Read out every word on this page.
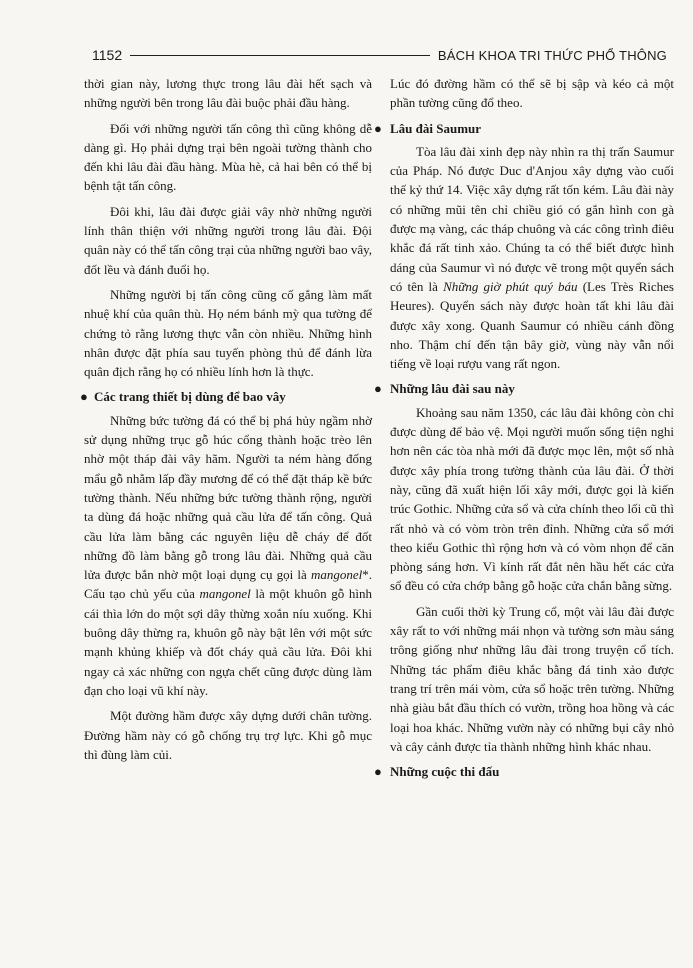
1152	BÁCH KHOA TRI THỨC PHỔ THÔNG

thời gian này, lương thực trong lâu đài hết sạch và những người bên trong lâu đài buộc phải đầu hàng.

Đối với những người tấn công thì cũng không dễ dàng gì. Họ phải dựng trại bên ngoài tường thành cho đến khi lâu đài đầu hàng. Mùa hè, cả hai bên có thể bị bệnh tật tấn công.

Đôi khi, lâu đài được giải vây nhờ những người lính thân thiện với những người trong lâu đài. Đội quân này có thể tấn công trại của những người bao vây, đốt lều và đánh đuổi họ.

Những người bị tấn công cũng cố gắng làm mất nhuệ khí của quân thù. Họ ném bánh mỳ qua tường để chứng tỏ rằng lương thực vẫn còn nhiều. Những hình nhân được đặt phía sau tuyến phòng thủ để đánh lừa quân địch rằng họ có nhiều lính hơn là thực.

● Các trang thiết bị dùng để bao vây

Những bức tường đá có thể bị phá hủy ngầm nhờ sử dụng những trục gỗ húc cổng thành hoặc trèo lên nhờ một tháp đài vây hãm. Người ta ném hàng đống mẩu gỗ nhằm lấp đầy mương để có thể đặt tháp kề bức tường thành. Nếu những bức tường thành rộng, người ta dùng đá hoặc những quả cầu lửa để tấn công. Quả cầu lửa làm bằng các nguyên liệu dễ cháy để đốt những đồ làm bằng gỗ trong lâu đài. Những quả cầu lửa được bắn nhờ một loại dụng cụ gọi là mangonel*. Cấu tạo chủ yếu của mangonel là một khuôn gỗ hình cái thìa lớn do một sợi dây thừng xoắn níu xuống. Khi buông dây thừng ra, khuôn gỗ này bật lên với một sức mạnh khủng khiếp và đốt cháy quả cầu lửa. Đôi khi ngay cả xác những con ngựa chết cũng được dùng làm đạn cho loại vũ khí này.

Một đường hầm được xây dựng dưới chân tường. Đường hầm này có gỗ chống trụ trợ lực. Khi gỗ mục thì đùng làm củi.

Lúc đó đường hầm có thể sẽ bị sập và kéo cả một phần tường cũng đổ theo.

● Lâu đài Saumur

Tòa lâu đài xinh đẹp này nhìn ra thị trấn Saumur của Pháp. Nó được Duc d'Anjou xây dựng vào cuối thế kỷ thứ 14. Việc xây dựng rất tốn kém. Lâu đài này có những mũi tên chỉ chiều gió có gắn hình con gà được mạ vàng, các tháp chuông và các công trình điêu khắc đá rất tinh xảo. Chúng ta có thể biết được hình dáng của Saumur vì nó được vẽ trong một quyển sách có tên là Những giờ phút quý báu (Les Très Riches Heures). Quyển sách này được hoàn tất khi lâu đài được xây xong. Quanh Saumur có nhiều cánh đồng nho. Thậm chí đến tận bây giờ, vùng này vẫn nổi tiếng về loại rượu vang rất ngon.

● Những lâu đài sau này

Khoảng sau năm 1350, các lâu đài không còn chỉ được dùng để bảo vệ. Mọi người muốn sống tiện nghi hơn nên các tòa nhà mới đã được mọc lên, một số nhà được xây phía trong tường thành của lâu đài. Ở thời này, cũng đã xuất hiện lối xây mới, được gọi là kiến trúc Gothic. Những cửa sổ và cửa chính theo lối cũ thì rất nhỏ và có vòm tròn trên đỉnh. Những cửa sổ mới theo kiểu Gothic thì rộng hơn và có vòm nhọn để căn phòng sáng hơn. Vì kính rất đắt nên hầu hết các cửa sổ đều có cửa chớp bằng gỗ hoặc cửa chắn bằng sừng.

Gần cuối thời kỳ Trung cổ, một vài lâu đài được xây rất to với những mái nhọn và tường sơn màu sáng trông giống như những lâu đài trong truyện cổ tích. Những tác phẩm điêu khắc bằng đá tinh xảo được trang trí trên mái vòm, cửa sổ hoặc trên tường. Những nhà giàu bắt đầu thích có vườn, trồng hoa hồng và các loại hoa khác. Những vườn này có những bụi cây nhỏ và cây cảnh được tỉa thành những hình khác nhau.

● Những cuộc thi đấu
